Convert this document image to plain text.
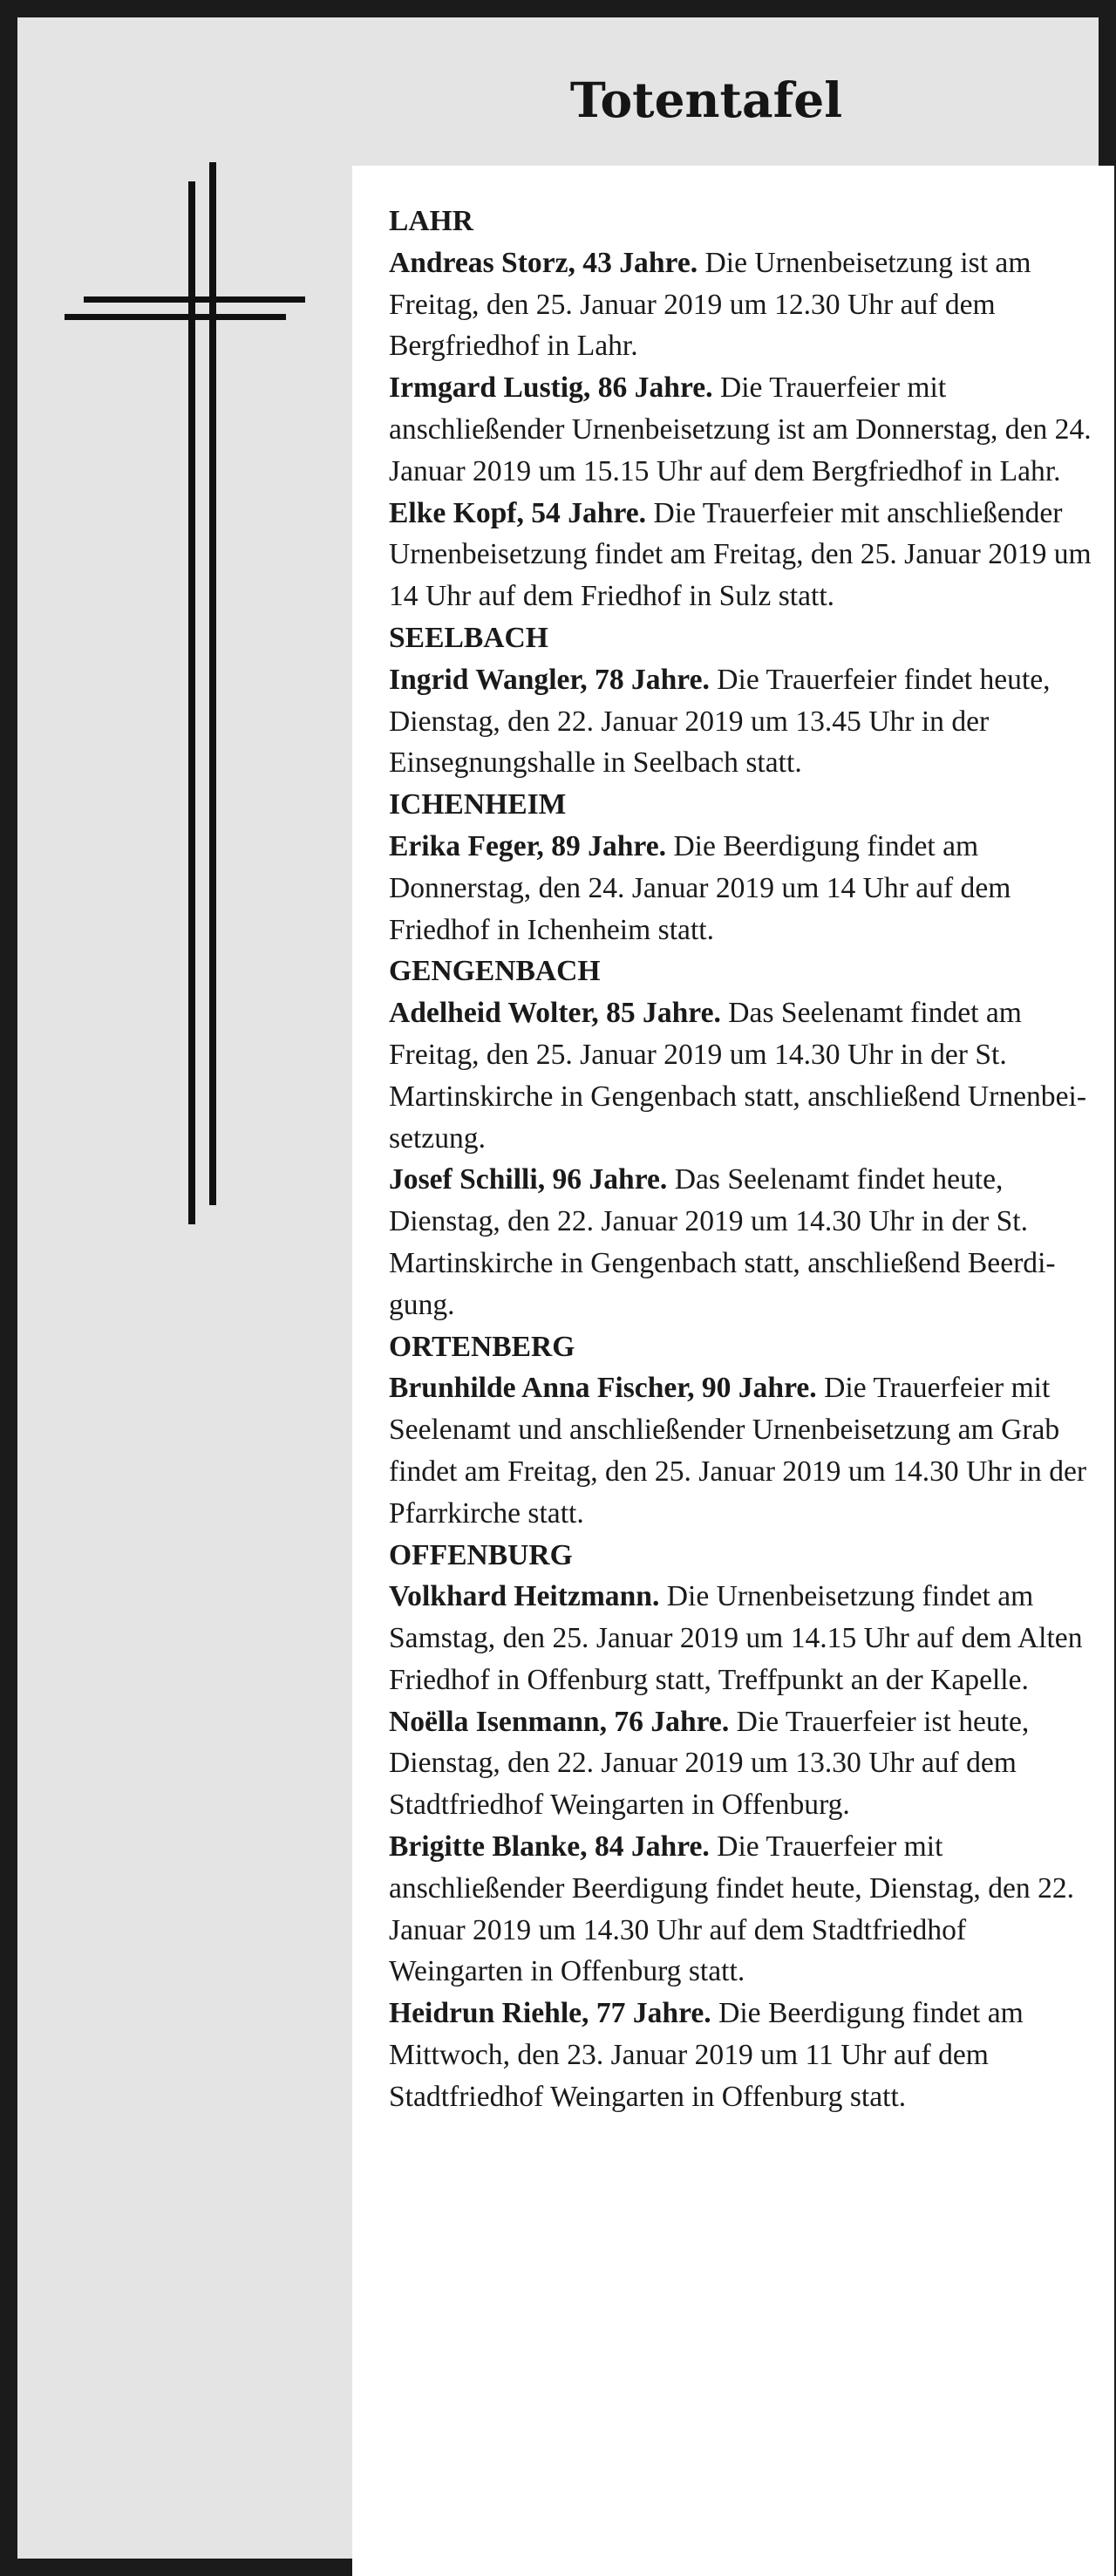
Totentafel
LAHR
Andreas Storz, 43 Jahre. Die Urnenbeisetzung ist am Freitag, den 25. Januar 2019 um 12.30 Uhr auf dem Bergfriedhof in Lahr.
Irmgard Lustig, 86 Jahre. Die Trauerfeier mit anschließender Urnenbeisetzung ist am Donnerstag, den 24. Januar 2019 um 15.15 Uhr auf dem Bergfriedhof in Lahr.
Elke Kopf, 54 Jahre. Die Trauerfeier mit anschließender Urnenbeisetzung findet am Freitag, den 25. Januar 2019 um 14 Uhr auf dem Friedhof in Sulz statt.
SEELBACH
Ingrid Wangler, 78 Jahre. Die Trauerfeier findet heute, Dienstag, den 22. Januar 2019 um 13.45 Uhr in der Einsegnungshalle in Seelbach statt.
ICHENHEIM
Erika Feger, 89 Jahre. Die Beerdigung findet am Donnerstag, den 24. Januar 2019 um 14 Uhr auf dem Friedhof in Ichenheim statt.
GENGENBACH
Adelheid Wolter, 85 Jahre. Das Seelenamt findet am Freitag, den 25. Januar 2019 um 14.30 Uhr in der St. Martinskirche in Gengenbach statt, anschließend Urnenbeisetzung.
Josef Schilli, 96 Jahre. Das Seelenamt findet heute, Dienstag, den 22. Januar 2019 um 14.30 Uhr in der St. Martinskirche in Gengenbach statt, anschließend Beerdigung.
ORTENBERG
Brunhilde Anna Fischer, 90 Jahre. Die Trauerfeier mit Seelenamt und anschließender Urnenbeisetzung am Grab findet am Freitag, den 25. Januar 2019 um 14.30 Uhr in der Pfarrkirche statt.
OFFENBURG
Volkhard Heitzmann. Die Urnenbeisetzung findet am Samstag, den 25. Januar 2019 um 14.15 Uhr auf dem Alten Friedhof in Offenburg statt, Treffpunkt an der Kapelle.
Noëlla Isenmann, 76 Jahre. Die Trauerfeier ist heute, Dienstag, den 22. Januar 2019 um 13.30 Uhr auf dem Stadtfriedhof Weingarten in Offenburg.
Brigitte Blanke, 84 Jahre. Die Trauerfeier mit anschließender Beerdigung findet heute, Dienstag, den 22. Januar 2019 um 14.30 Uhr auf dem Stadtfriedhof Weingarten in Offenburg statt.
Heidrun Riehle, 77 Jahre. Die Beerdigung findet am Mittwoch, den 23. Januar 2019 um 11 Uhr auf dem Stadtfriedhof Weingarten in Offenburg statt.
